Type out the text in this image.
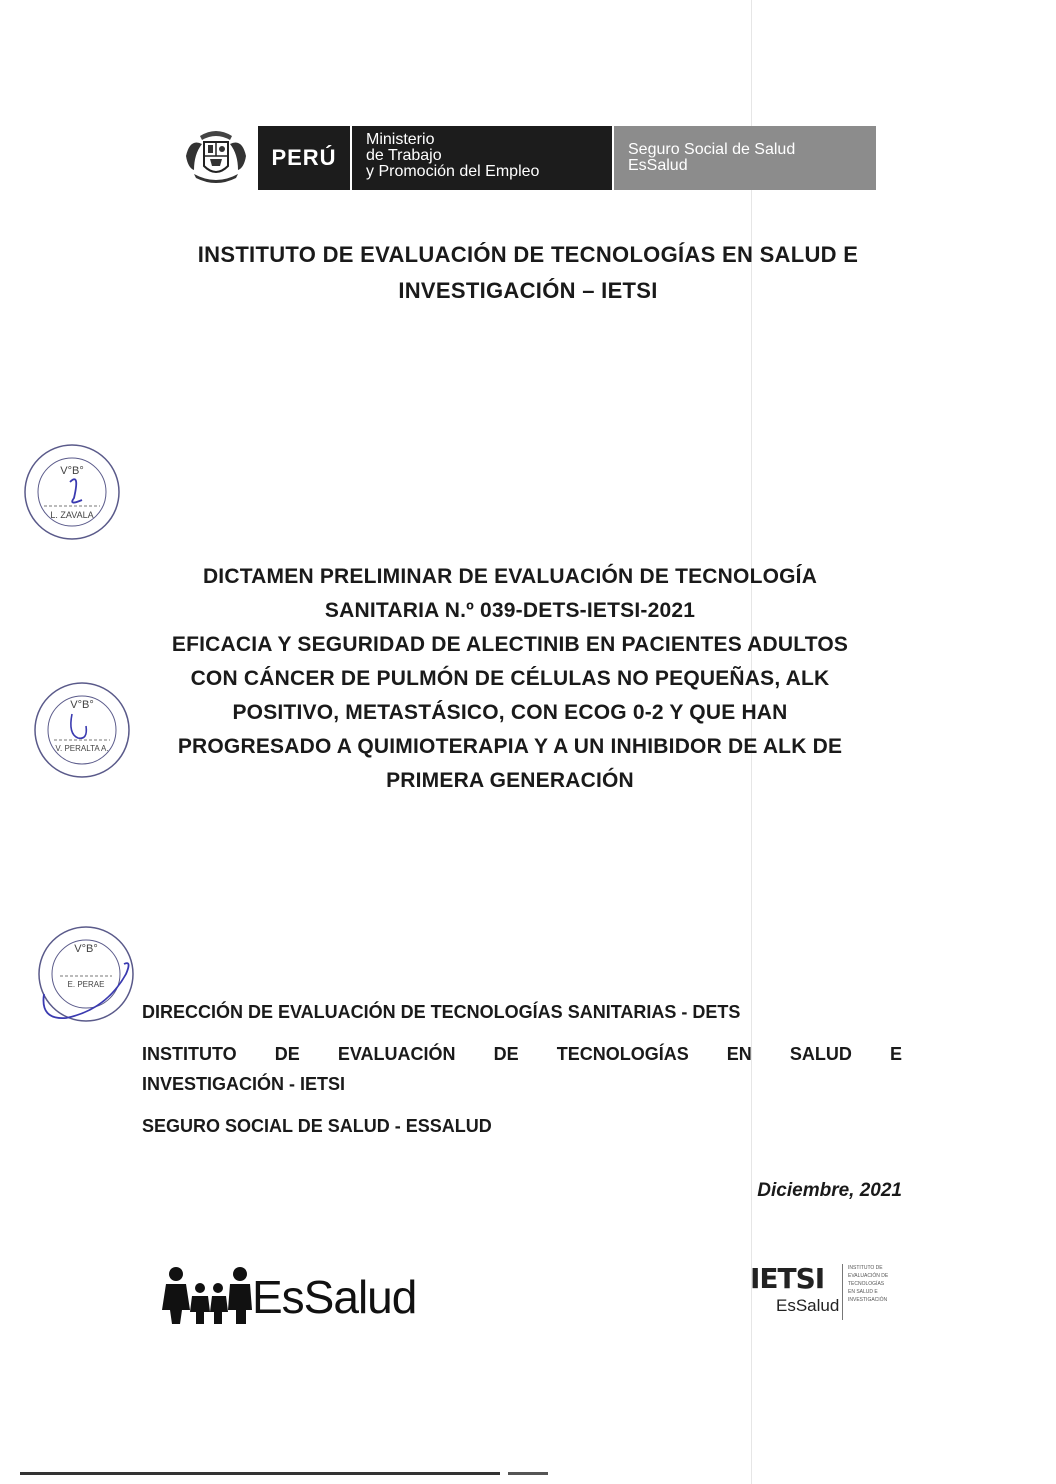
PERÚ
Ministerio
de Trabajo
y Promoción del Empleo
Seguro Social de Salud
EsSalud
INSTITUTO DE EVALUACIÓN DE TECNOLOGÍAS EN SALUD E
INVESTIGACIÓN – IETSI
V°B°
L. ZAVALA
V°B°
V. PERALTA A.
DICTAMEN PRELIMINAR DE EVALUACIÓN DE TECNOLOGÍA
SANITARIA N.º 039-DETS-IETSI-2021
EFICACIA Y SEGURIDAD DE ALECTINIB EN PACIENTES ADULTOS
CON CÁNCER DE PULMÓN DE CÉLULAS NO PEQUEÑAS, ALK
POSITIVO, METASTÁSICO, CON ECOG 0-2 Y QUE HAN
PROGRESADO A QUIMIOTERAPIA Y A UN INHIBIDOR DE ALK DE
PRIMERA GENERACIÓN
V°B°
E. PERAE
DIRECCIÓN DE EVALUACIÓN DE TECNOLOGÍAS SANITARIAS - DETS
INSTITUTO DE EVALUACIÓN DE TECNOLOGÍAS EN SALUD E
INVESTIGACIÓN - IETSI
SEGURO SOCIAL DE SALUD - ESSALUD
Diciembre, 2021
EsSalud	IETSI
EsSalud
INSTITUTO DE
EVALUACIÓN DE
TECNOLOGÍAS
EN SALUD E
INVESTIGACIÓN
